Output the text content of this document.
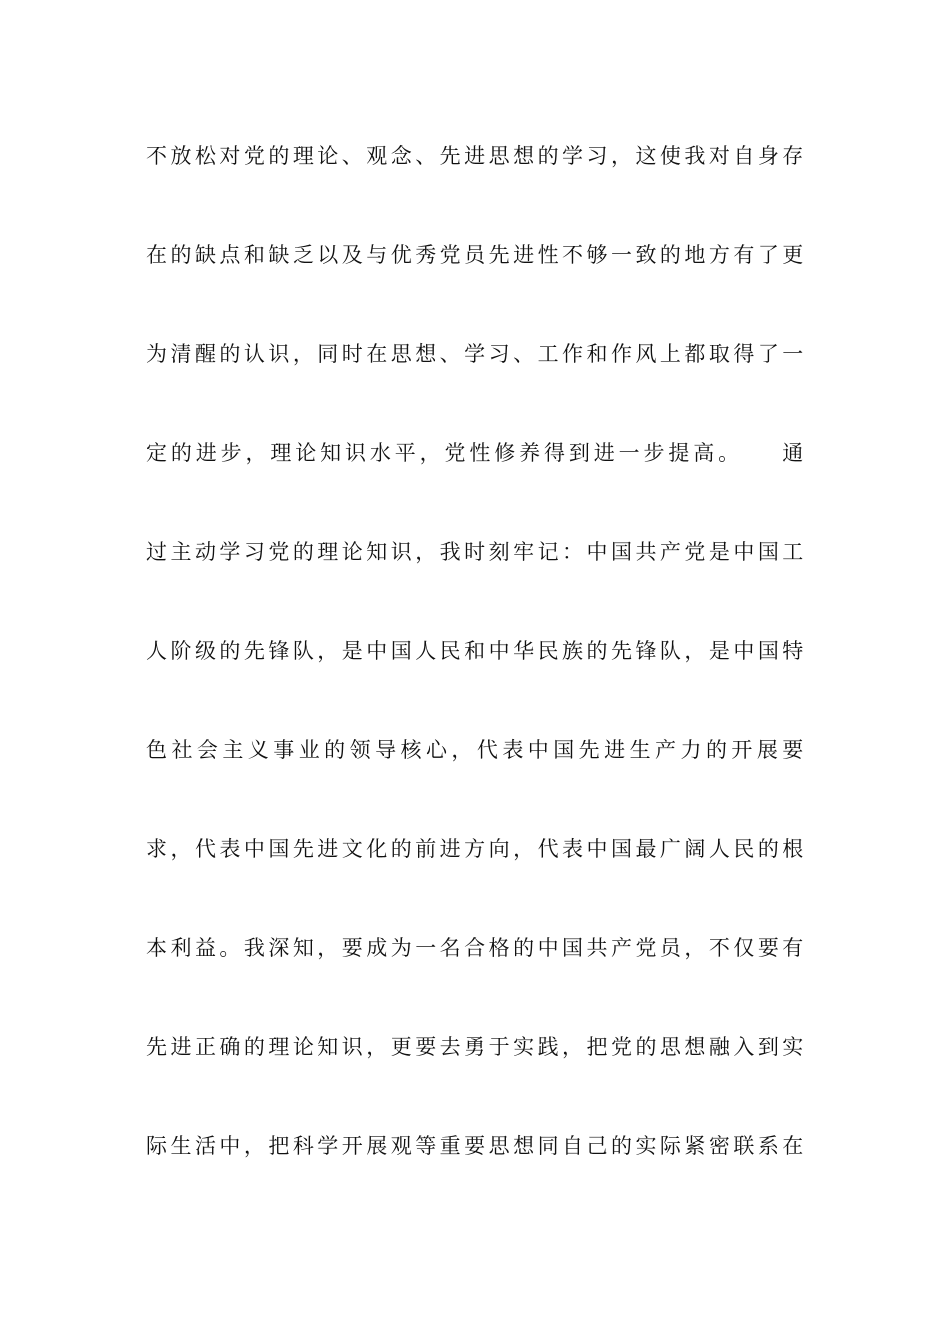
不放松对党的理论、观念、先进思想的学习，这使我对自身存
在的缺点和缺乏以及与优秀党员先进性不够一致的地方有了更
为清醒的认识，同时在思想、学习、工作和作风上都取得了一
定的进步，理论知识水平，党性修养得到进一步提高。　　通
过主动学习党的理论知识，我时刻牢记：中国共产党是中国工
人阶级的先锋队，是中国人民和中华民族的先锋队，是中国特
色社会主义事业的领导核心，代表中国先进生产力的开展要
求，代表中国先进文化的前进方向，代表中国最广阔人民的根
本利益。我深知，要成为一名合格的中国共产党员，不仅要有
先进正确的理论知识，更要去勇于实践，把党的思想融入到实
际生活中，把科学开展观等重要思想同自己的实际紧密联系在
